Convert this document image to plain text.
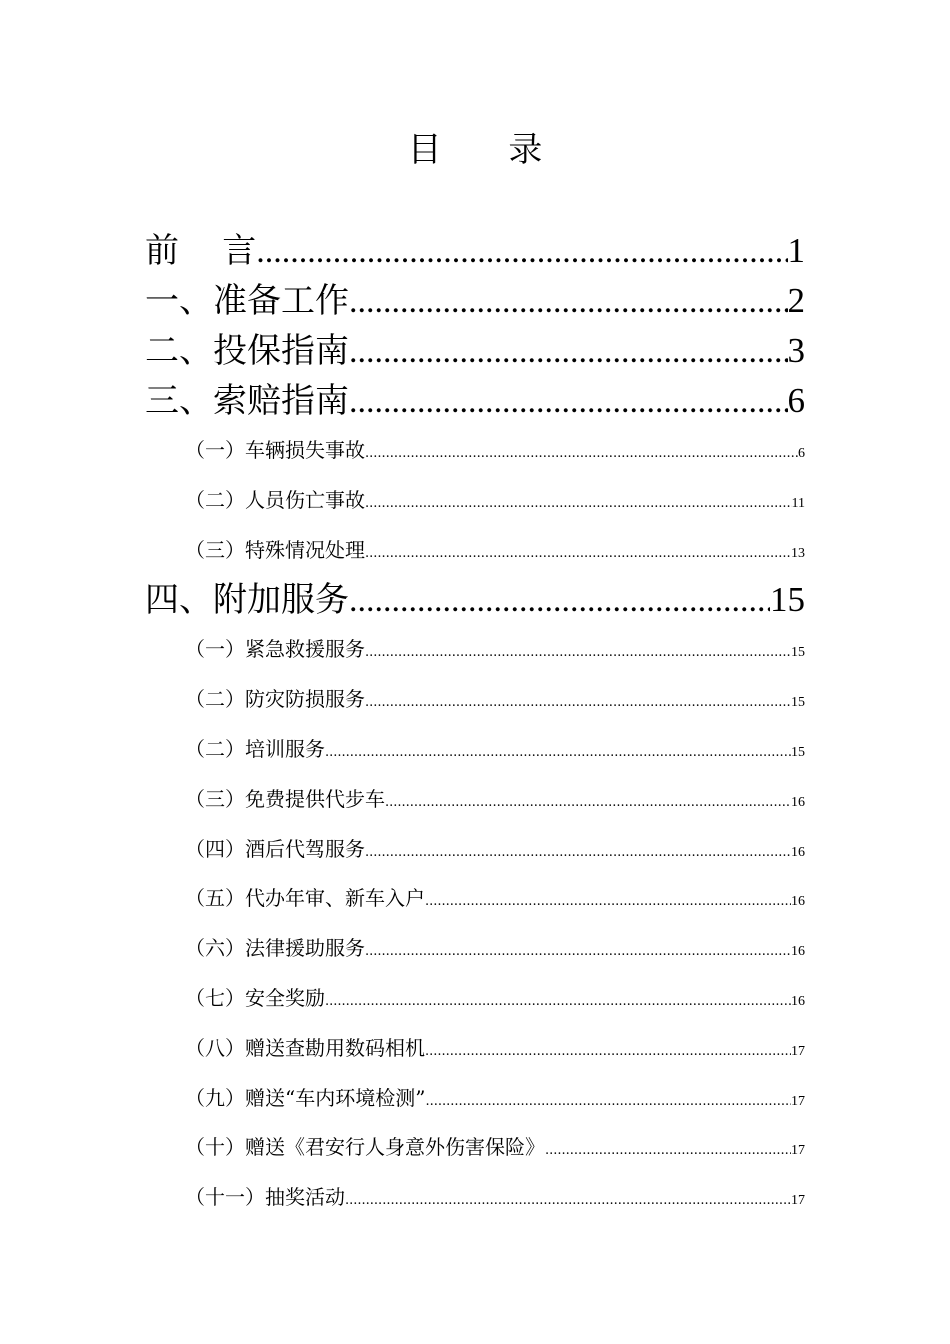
目 录
前    言 .....	1
一、准备工作 .....	2
二、投保指南 .....	3
三、索赔指南 .....	6
（一）车辆损失事故 .....	6
（二）人员伤亡事故 .....	11
（三）特殊情况处理 .....	13
四、附加服务 .....	15
（一）紧急救援服务 .....	15
（二）防灾防损服务 .....	15
（二）培训服务 .....	15
（三）免费提供代步车 .....	16
（四）酒后代驾服务 .....	16
（五）代办年审、新车入户 .....	16
（六）法律援助服务 .....	16
（七）安全奖励 .....	16
（八）赠送查勘用数码相机 .....	17
（九）赠送“车内环境检测” .....	17
（十）赠送《君安行人身意外伤害保险》 .....	17
（十一）抽奖活动 .....	17
